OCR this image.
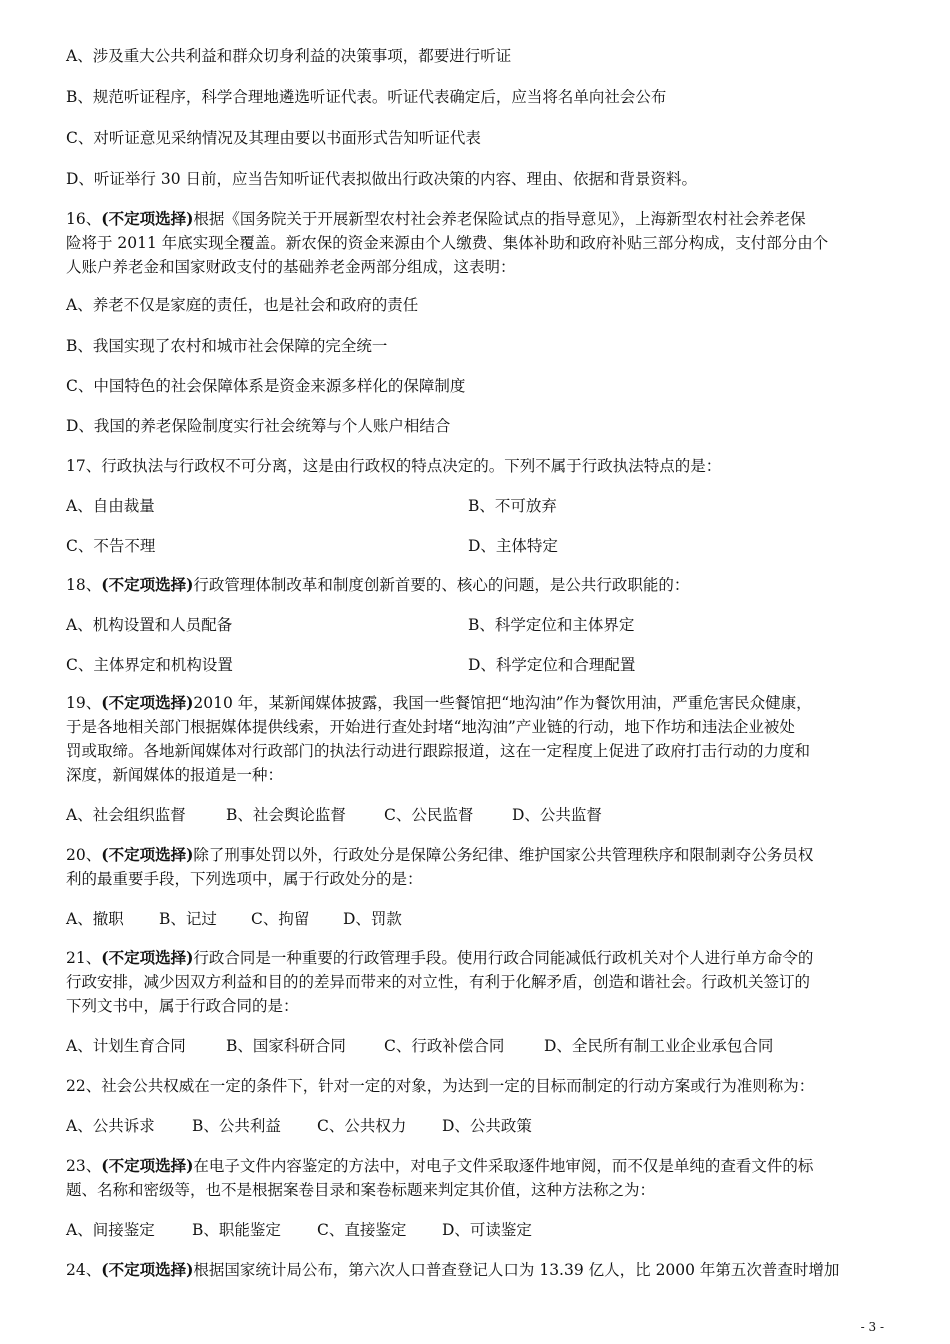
A、涉及重大公共利益和群众切身利益的决策事项，都要进行听证
B、规范听证程序，科学合理地遴选听证代表。听证代表确定后，应当将名单向社会公布
C、对听证意见采纳情况及其理由要以书面形式告知听证代表
D、听证举行 30 日前，应当告知听证代表拟做出行政决策的内容、理由、依据和背景资料。
16、(不定项选择)根据《国务院关于开展新型农村社会养老保险试点的指导意见》，上海新型农村社会养老保
险将于 2011 年底实现全覆盖。新农保的资金来源由个人缴费、集体补助和政府补贴三部分构成，支付部分由个
人账户养老金和国家财政支付的基础养老金两部分组成，这表明：
A、养老不仅是家庭的责任，也是社会和政府的责任
B、我国实现了农村和城市社会保障的完全统一
C、中国特色的社会保障体系是资金来源多样化的保障制度
D、我国的养老保险制度实行社会统筹与个人账户相结合
17、行政执法与行政权不可分离，这是由行政权的特点决定的。下列不属于行政执法特点的是：
A、自由裁量	B、不可放弃
C、不告不理	D、主体特定
18、(不定项选择)行政管理体制改革和制度创新首要的、核心的问题，是公共行政职能的：
A、机构设置和人员配备	B、科学定位和主体界定
C、主体界定和机构设置	D、科学定位和合理配置
19、(不定项选择)2010 年，某新闻媒体披露，我国一些餐馆把“地沟油”作为餐饮用油，严重危害民众健康，
于是各地相关部门根据媒体提供线索，开始进行查处封堵“地沟油”产业链的行动，地下作坊和违法企业被处
罚或取缔。各地新闻媒体对行政部门的执法行动进行跟踪报道，这在一定程度上促进了政府打击行动的力度和
深度，新闻媒体的报道是一种：
A、社会组织监督	B、社会舆论监督 C、公民监督 D、公共监督
20、(不定项选择)除了刑事处罚以外，行政处分是保障公务纪律、维护国家公共管理秩序和限制剥夺公务员权
利的最重要手段，下列选项中，属于行政处分的是：
A、撤职 B、记过 C、拘留 D、罚款
21、(不定项选择)行政合同是一种重要的行政管理手段。使用行政合同能减低行政机关对个人进行单方命令的
行政安排，减少因双方利益和目的的差异而带来的对立性，有利于化解矛盾，创造和谐社会。行政机关签订的
下列文书中，属于行政合同的是：
A、计划生育合同	B、国家科研合同 C、行政补偿合同	D、全民所有制工业企业承包合同
22、社会公共权威在一定的条件下，针对一定的对象，为达到一定的目标而制定的行动方案或行为准则称为：
A、公共诉求 B、公共利益 C、公共权力 D、公共政策
23、(不定项选择)在电子文件内容鉴定的方法中，对电子文件采取逐件地审阅，而不仅是单纯的查看文件的标
题、名称和密级等，也不是根据案卷目录和案卷标题来判定其价值，这种方法称之为：
A、间接鉴定 B、职能鉴定 C、直接鉴定 D、可读鉴定
24、(不定项选择)根据国家统计局公布，第六次人口普查登记人口为 13.39 亿人，比 2000 年第五次普查时增加
- 3 -
